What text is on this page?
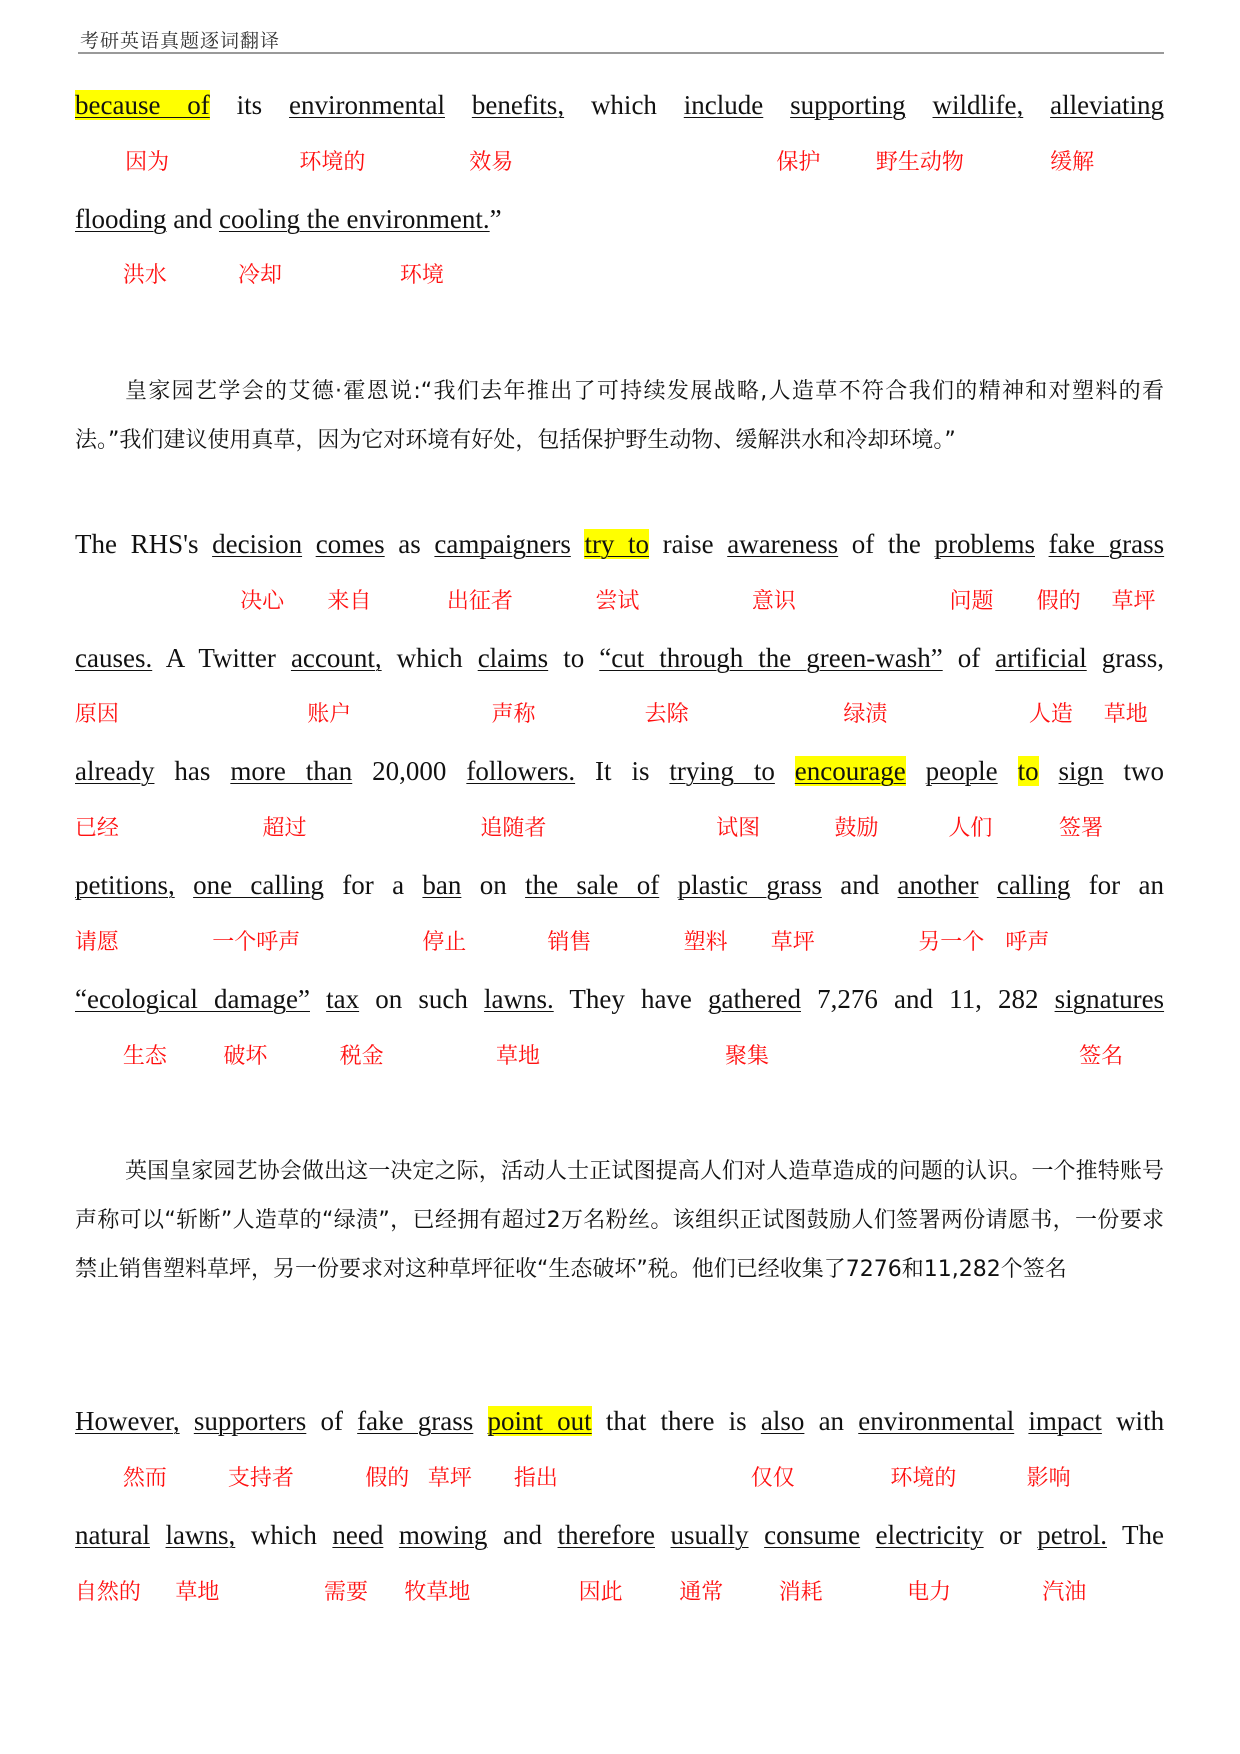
考研英语真题逐词翻译
because of its environmental benefits, which include supporting wildlife, alleviating
因为	环境的	效易	保护	野生动物	缓解
flooding and cooling the environment.”
洪水	冷却	环境
皇家园艺学会的艾德·霍恩说:“我们去年推出了可持续发展战略,人造草不符合我们的精神和对塑料的看法。”我们建议使用真草，因为它对环境有好处，包括保护野生动物、缓解洪水和冷却环境。”
The RHS's decision comes as campaigners try to raise awareness of the problems fake grass
决心 来自	出征者	尝试	意识	问题 假的 草坪
causes. A Twitter account, which claims to “cut through the green-wash” of artificial grass,
原因	账户	声称	去除	绿渍	人造 草地
already has more than 20,000 followers. It is trying to encourage people to sign two
已经	超过	追随者	试图	鼓励	人们	签署
petitions, one calling for a ban on the sale of plastic grass and another calling for an
请愿	一个呼声	停止	销售	塑料 草坪	另一个 呼声
“ecological damage” tax on such lawns. They have gathered 7,276 and 11, 282 signatures
生态	破坏	税金	草地	聚集	签名
英国皇家园艺协会做出这一决定之际，活动人士正试图提高人们对人造草造成的问题的认识。一个推特账号声称可以“斩断”人造草的“绿渍”，已经拥有超过2万名粉丝。该组织正试图鼓励人们签署两份请愿书，一份要求禁止销售塑料草坪，另一份要求对这种草坪征收“生态破坏”税。他们已经收集了7276和11,282个签名
However, supporters of fake grass point out that there is also an environmental impact with
然而	支持者	假的 草坪 指出	仅仅	环境的	影响
natural lawns, which need mowing and therefore usually consume electricity or petrol. The
自然的 草地	需要 牧草地	因此	通常	消耗	电力	汽油
